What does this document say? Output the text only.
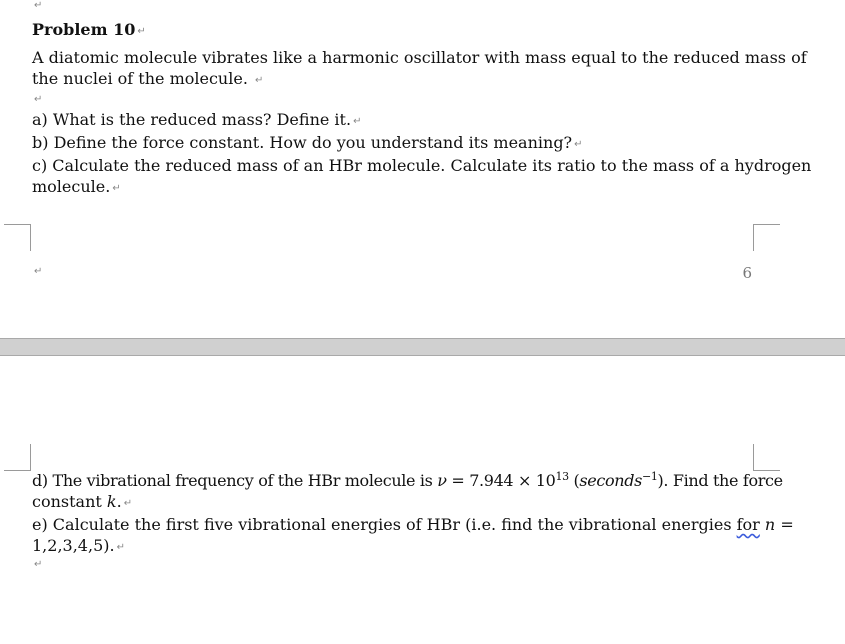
↵
Problem 10 ↵
A diatomic molecule vibrates like a harmonic oscillator with mass equal to the reduced mass of
the nuclei of the molecule. ↵
↵
a) What is the reduced mass? Define it. ↵
b) Define the force constant. How do you understand its meaning? ↵
c) Calculate the reduced mass of an HBr molecule. Calculate its ratio to the mass of a hydrogen
molecule. ↵
↵	6
d) The vibrational frequency of the HBr molecule is $\nu = 7.944 \times 10^{13}$ (seconds$^{-1}$). Find the force
constant k. ↵
e) Calculate the first five vibrational energies of HBr (i.e. find the vibrational energies for n =
1,2,3,4,5). ↵
↵
